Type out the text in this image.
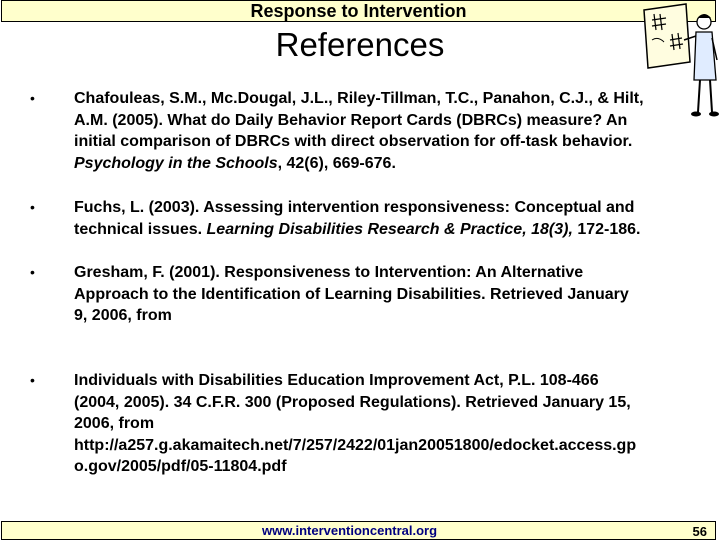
Response to Intervention
References
• Chafouleas, S.M., Mc.Dougal, J.L., Riley-Tillman, T.C., Panahon, C.J., & Hilt,
A.M. (2005). What do Daily Behavior Report Cards (DBRCs) measure? An
initial comparison of DBRCs with direct observation for off-task behavior.
Psychology in the Schools, 42(6), 669-676.
• Fuchs, L. (2003). Assessing intervention responsiveness: Conceptual and
technical issues. Learning Disabilities Research & Practice, 18(3), 172-186.
• Gresham, F. (2001). Responsiveness to Intervention: An Alternative
Approach to the Identification of Learning Disabilities. Retrieved January
9, 2006, from http://www.air.org/ldsummit/download/Gresham Final 08-10-
01.doc
• Individuals with Disabilities Education Improvement Act, P.L. 108-466
(2004, 2005). 34 C.F.R. 300 (Proposed Regulations). Retrieved January 15,
2006, from
http://a257.g.akamaitech.net/7/257/2422/01jan20051800/edocket.access.gp
o.gov/2005/pdf/05-11804.pdf
www.interventioncentral.org	56
